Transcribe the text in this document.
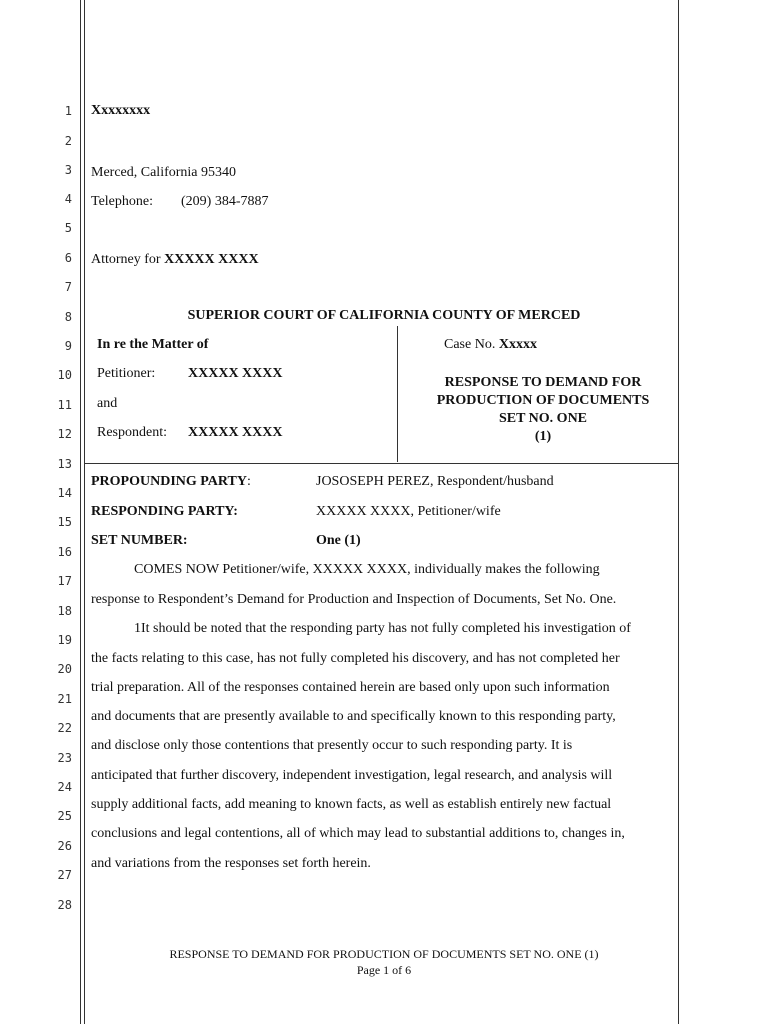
1
2
3
4
5
6
7
8
9
10
11
12
13
14
15
16
17
18
19
20
21
22
23
24
25
26
27
28
Xxxxxxxx
Merced, California 95340
Telephone: (209) 384-7887
Attorney for XXXXX XXXX
SUPERIOR COURT OF CALIFORNIA COUNTY OF MERCED
In re the Matter of
Petitioner: XXXXX XXXX
and
Respondent: XXXXX XXXX
Case No. Xxxxx
RESPONSE TO DEMAND FOR
PRODUCTION OF DOCUMENTS
SET NO. ONE
(1)
PROPOUNDING PARTY:	JOSOSEPH PEREZ, Respondent/husband
RESPONDING PARTY:	XXXXX XXXX, Petitioner/wife
SET NUMBER:	One (1)
COMES NOW Petitioner/wife, XXXXX XXXX, individually makes the following
response to Respondent’s Demand for Production and Inspection of Documents, Set No. One.
1It should be noted that the responding party has not fully completed his investigation of
the facts relating to this case, has not fully completed his discovery, and has not completed her
trial preparation. All of the responses contained herein are based only upon such information
and documents that are presently available to and specifically known to this responding party,
and disclose only those contentions that presently occur to such responding party. It is
anticipated that further discovery, independent investigation, legal research, and analysis will
supply additional facts, add meaning to known facts, as well as establish entirely new factual
conclusions and legal contentions, all of which may lead to substantial additions to, changes in,
and variations from the responses set forth herein.
RESPONSE TO DEMAND FOR PRODUCTION OF DOCUMENTS SET NO. ONE (1)
Page 1 of 6
